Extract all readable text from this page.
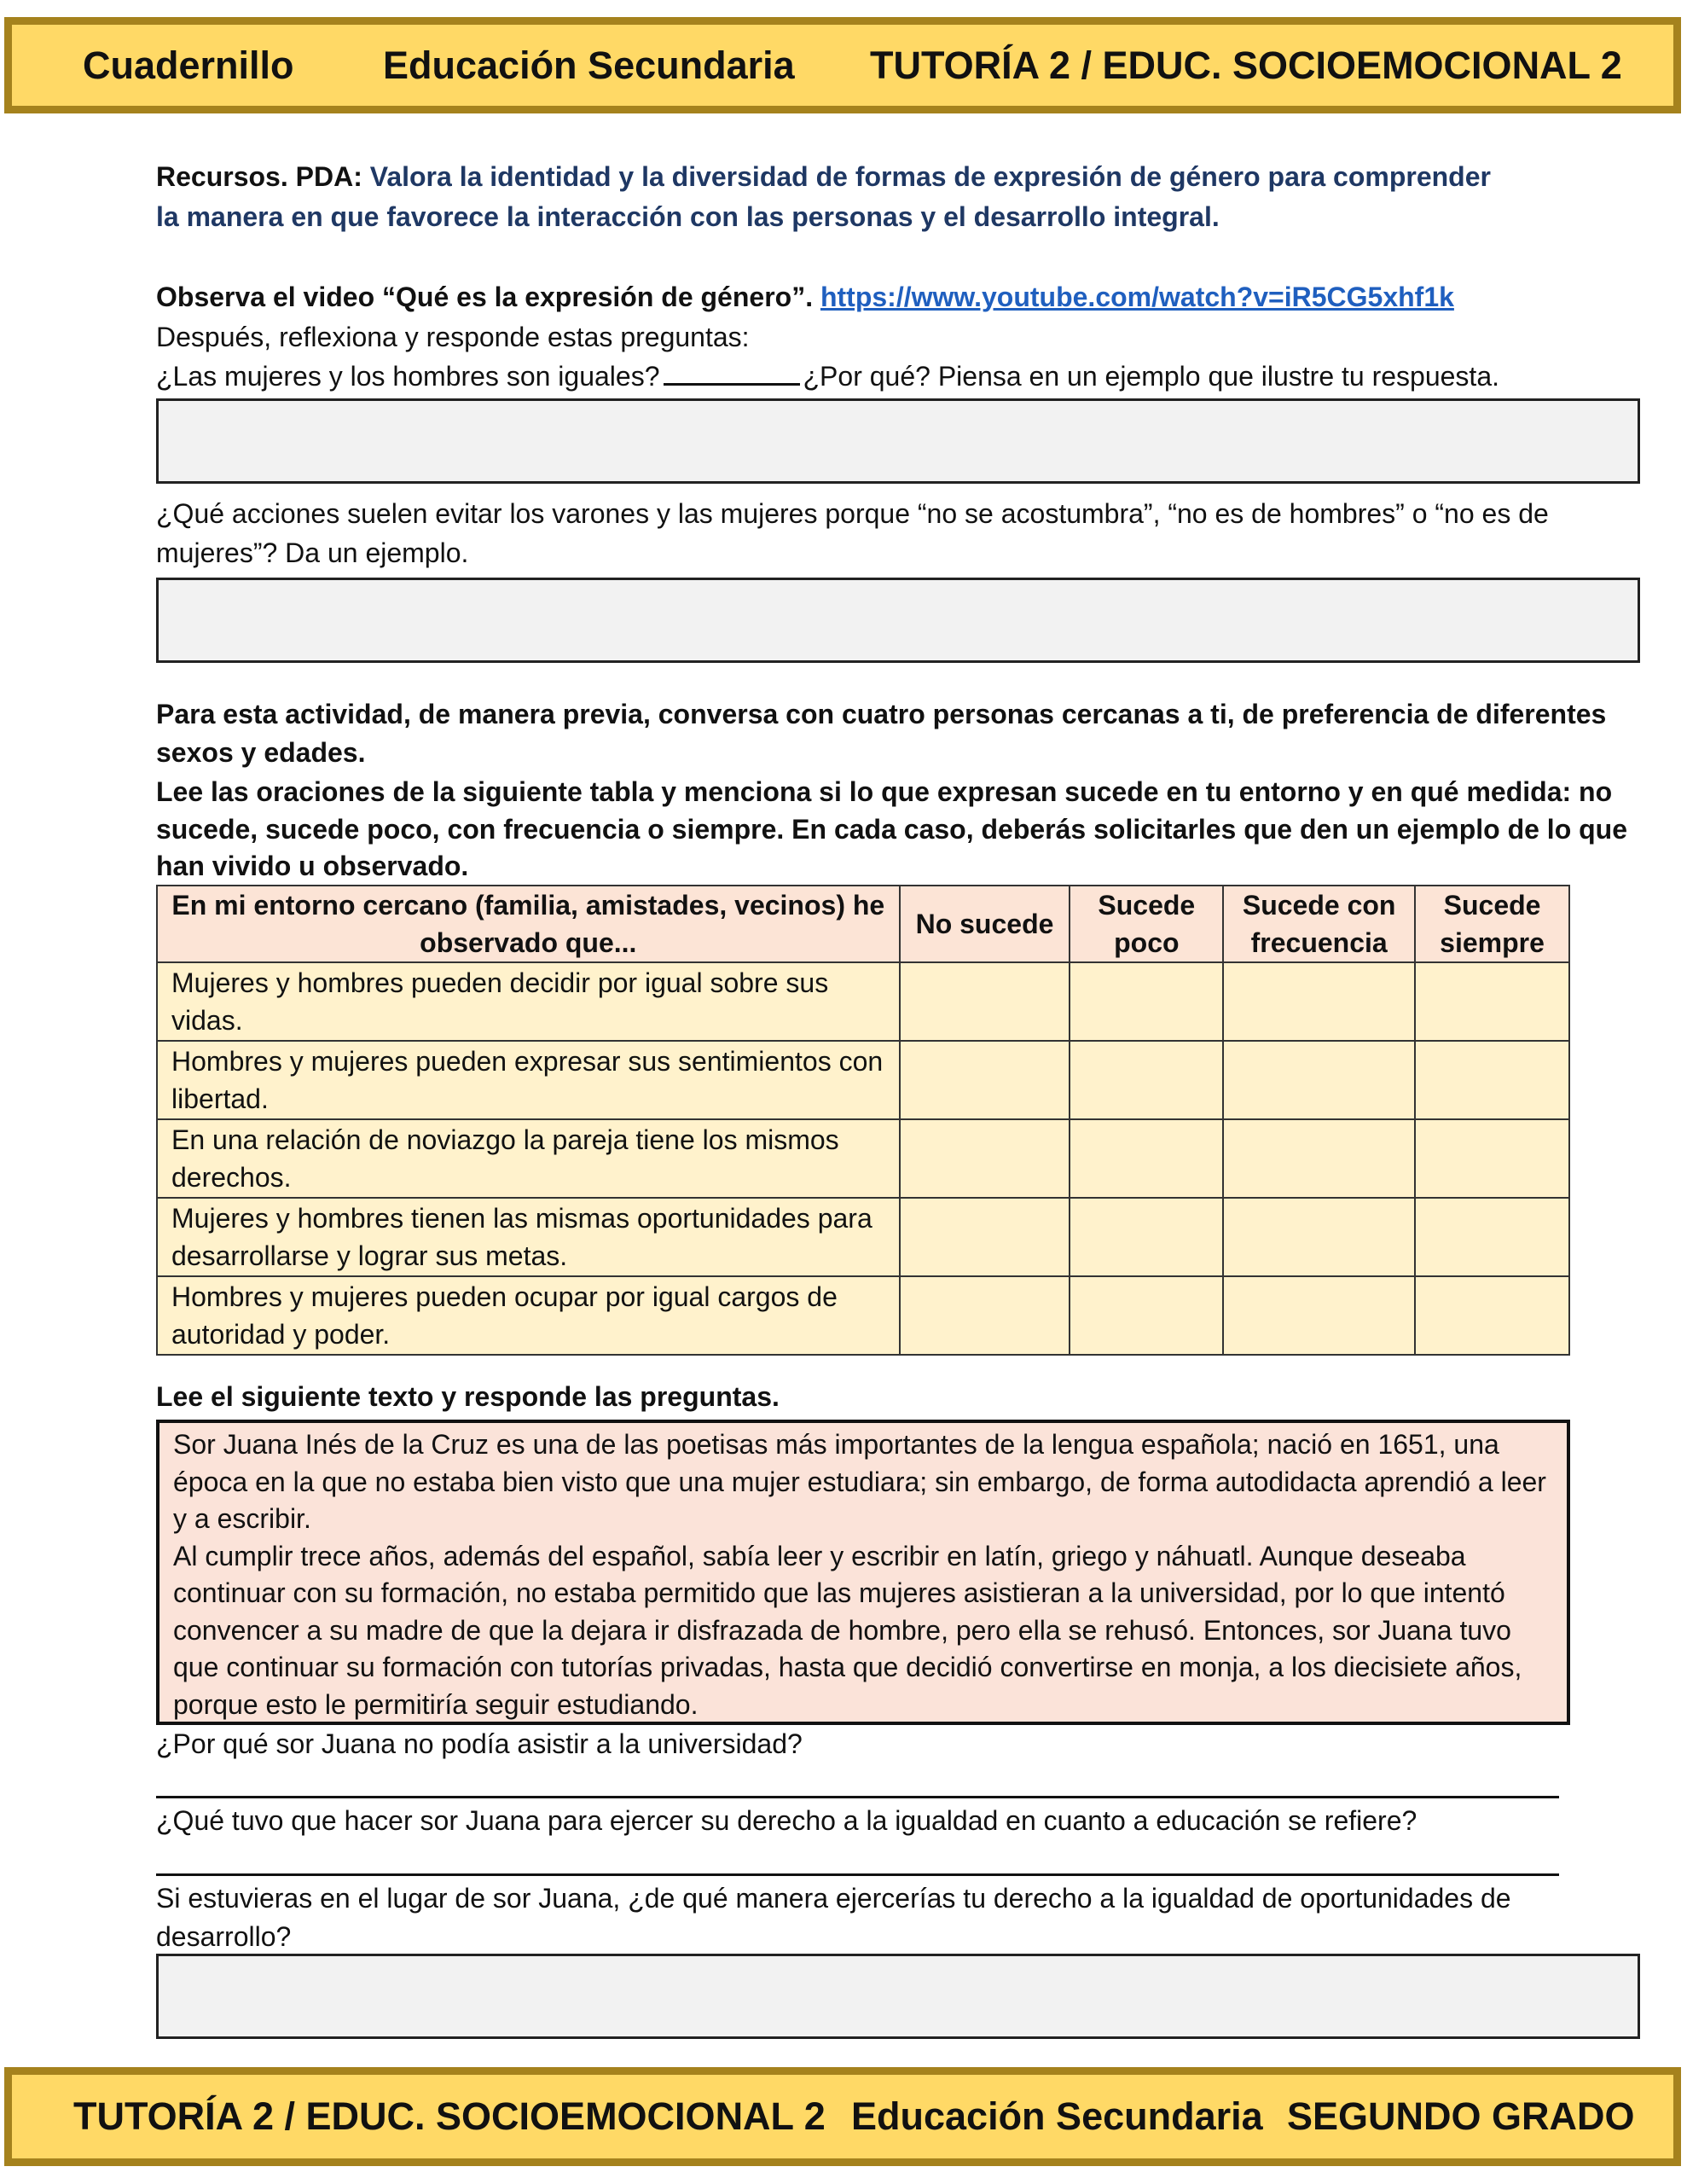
Cuadernillo Educación Secundaria TUTORÍA 2 / EDUC. SOCIOEMOCIONAL 2
Recursos. PDA: Valora la identidad y la diversidad de formas de expresión de género para comprender
la manera en que favorece la interacción con las personas y el desarrollo integral.
Observa el video “Qué es la expresión de género”. https://www.youtube.com/watch?v=iR5CG5xhf1k
Después, reflexiona y responde estas preguntas:
¿Las mujeres y los hombres son iguales?	¿Por qué? Piensa en un ejemplo que ilustre tu respuesta.
¿Qué acciones suelen evitar los varones y las mujeres porque “no se acostumbra”, “no es de hombres” o “no es de
mujeres”? Da un ejemplo.
Para esta actividad, de manera previa, conversa con cuatro personas cercanas a ti, de preferencia de diferentes
sexos y edades.
Lee las oraciones de la siguiente tabla y menciona si lo que expresan sucede en tu entorno y en qué medida: no
sucede, sucede poco, con frecuencia o siempre. En cada caso, deberás solicitarles que den un ejemplo de lo que
han vivido u observado.
En mi entorno cercano (familia, amistades, vecinos) he observado que...	No sucede	Sucede poco	Sucede con frecuencia	Sucede siempre
Mujeres y hombres pueden decidir por igual sobre sus vidas.				
Hombres y mujeres pueden expresar sus sentimientos con libertad.				
En una relación de noviazgo la pareja tiene los mismos derechos.				
Mujeres y hombres tienen las mismas oportunidades para desarrollarse y lograr sus metas.				
Hombres y mujeres pueden ocupar por igual cargos de autoridad y poder.				
Lee el siguiente texto y responde las preguntas.

Sor Juana Inés de la Cruz es una de las poetisas más importantes de la lengua española; nació en 1651, una época en la que no estaba bien visto que una mujer estudiara; sin embargo, de forma autodidacta aprendió a leer y a escribir.

Al cumplir trece años, además del español, sabía leer y escribir en latín, griego y náhuatl. Aunque deseaba continuar con su formación, no estaba permitido que las mujeres asistieran a la universidad, por lo que intentó convencer a su madre de que la dejara ir disfrazada de hombre, pero ella se rehusó. Entonces, sor Juana tuvo que continuar su formación con tutorías privadas, hasta que decidió convertirse en monja, a los diecisiete años, porque esto le permitiría seguir estudiando.

¿Por qué sor Juana no podía asistir a la universidad?
¿Qué tuvo que hacer sor Juana para ejercer su derecho a la igualdad en cuanto a educación se refiere?
Si estuvieras en el lugar de sor Juana, ¿de qué manera ejercerías tu derecho a la igualdad de oportunidades de
desarrollo?
TUTORÍA 2 / EDUC. SOCIOEMOCIONAL 2 Educación Secundaria SEGUNDO GRADO
